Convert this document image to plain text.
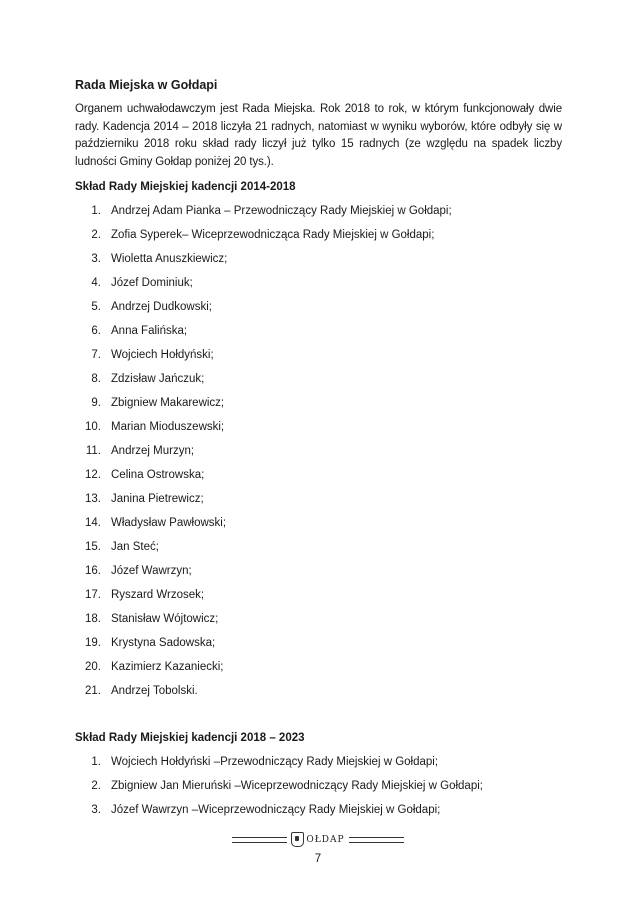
Rada Miejska w Gołdapi

Organem uchwałodawczym jest Rada Miejska. Rok 2018 to rok, w którym funkcjonowały dwie rady. Kadencja 2014 – 2018 liczyła 21 radnych, natomiast w wyniku wyborów, które odbyły się w październiku 2018 roku skład rady liczył już tylko 15 radnych (ze względu na spadek liczby ludności Gminy Gołdap poniżej 20 tys.).

Skład Rady Miejskiej kadencji 2014-2018
1. Andrzej Adam Pianka – Przewodniczący Rady Miejskiej w Gołdapi;
2. Zofia Syperek– Wiceprzewodnicząca Rady Miejskiej w Gołdapi;
3. Wioletta Anuszkiewicz;
4. Józef Dominiuk;
5. Andrzej Dudkowski;
6. Anna Falińska;
7. Wojciech Hołdyński;
8. Zdzisław Jańczuk;
9. Zbigniew Makarewicz;
10. Marian Mioduszewski;
11. Andrzej Murzyn;
12. Celina Ostrowska;
13. Janina Pietrewicz;
14. Władysław Pawłowski;
15. Jan Steć;
16. Józef Wawrzyn;
17. Ryszard Wrzosek;
18. Stanisław Wójtowicz;
19. Krystyna Sadowska;
20. Kazimierz Kazaniecki;
21. Andrzej Tobolski.
Skład Rady Miejskiej kadencji 2018 – 2023
1. Wojciech Hołdyński –Przewodniczący Rady Miejskiej w Gołdapi;
2. Zbigniew Jan Mieruński –Wiceprzewodniczący Rady Miejskiej w Gołdapi;
3. Józef Wawrzyn –Wiceprzewodniczący Rady Miejskiej w Gołdapi;
OŁDAP
7
